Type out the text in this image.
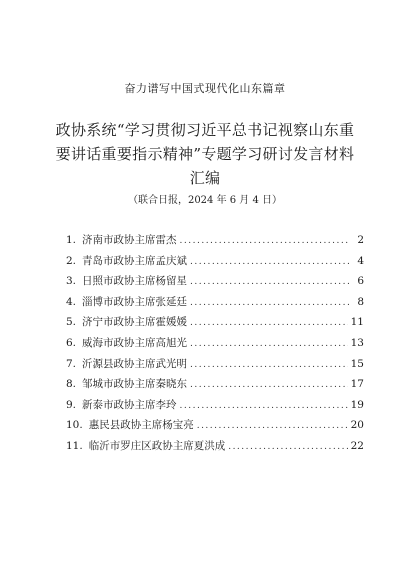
奋力谱写中国式现代化山东篇章
政协系统“学习贯彻习近平总书记视察山东重
要讲话重要指示精神”专题学习研讨发言材料
汇编
（联合日报，2024 年 6 月 4 日）
1. 济南市政协主席雷杰 .....	2
2. 青岛市政协主席孟庆斌 .....	4
3. 日照市政协主席杨留星 .....	6
4. 淄博市政协主席张延廷 .....	8
5. 济宁市政协主席霍媛媛 .....	11
6. 威海市政协主席高旭光 .....	13
7. 沂源县政协主席武光明 .....	15
8. 邹城市政协主席秦晓东 .....	17
9. 新泰市政协主席李玲 .....	19
10. 惠民县政协主席杨宝亮 .....	20
11. 临沂市罗庄区政协主席夏洪成 .....	22
